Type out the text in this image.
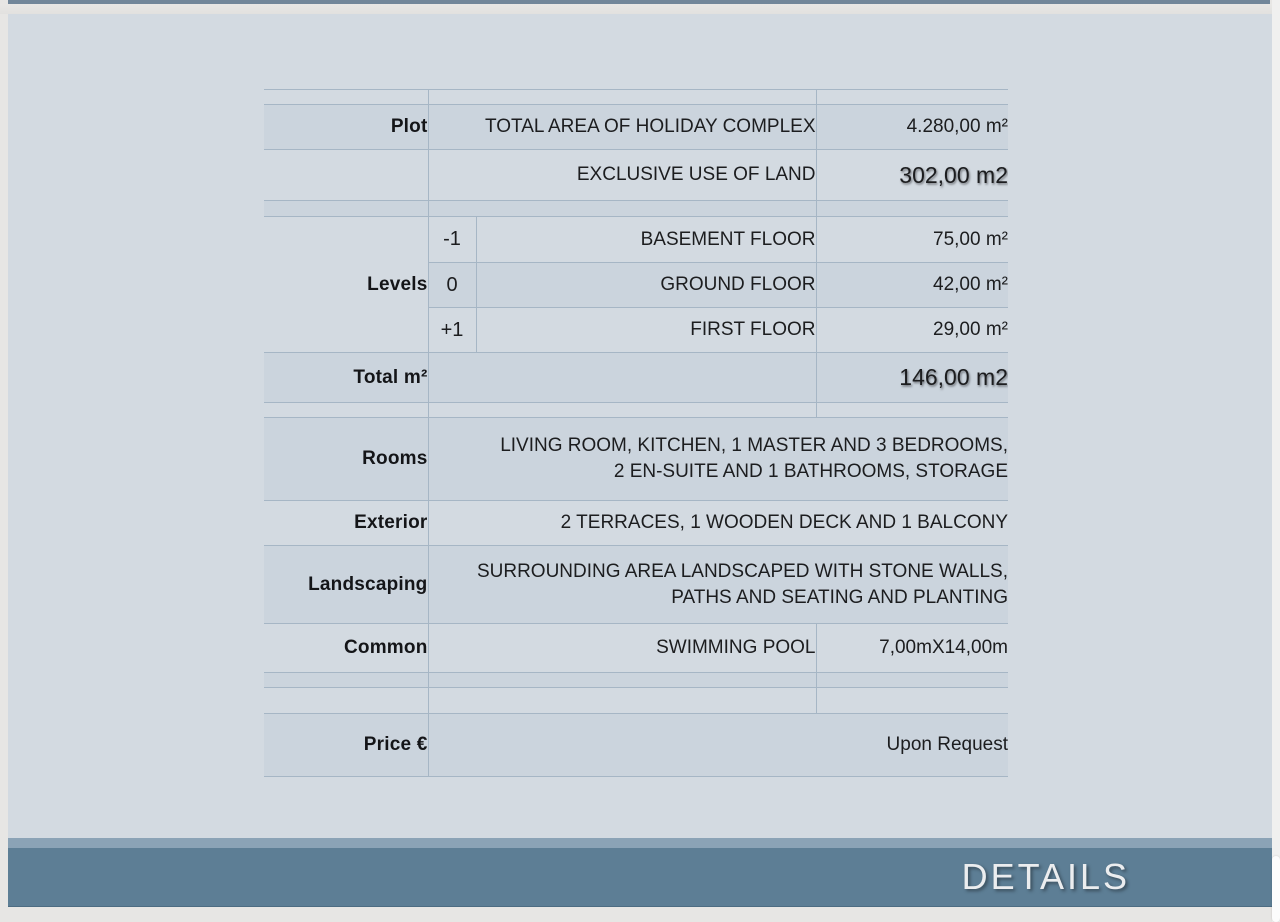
DETAILS

Plot	TOTAL AREA OF HOLIDAY COMPLEX		4.280,00 m²
	EXCLUSIVE USE OF LAND		302,00 m2

Levels	-1	BASEMENT FLOOR	75,00 m²
	0	GROUND FLOOR	42,00 m²
	+1	FIRST FLOOR	29,00 m²
Total m²			146,00 m2

Rooms	LIVING ROOM, KITCHEN, 1 MASTER AND 3 BEDROOMS,
2 EN-SUITE AND 1 BATHROOMS, STORAGE		

Exterior	2 TERRACES, 1 WOODEN DECK AND 1 BALCONY		
Landscaping	SURROUNDING AREA LANDSCAPED WITH STONE WALLS,
PATHS AND SEATING AND PLANTING		

Common	SWIMMING POOL		7,00mX14,00m

Price €	Upon Request		
